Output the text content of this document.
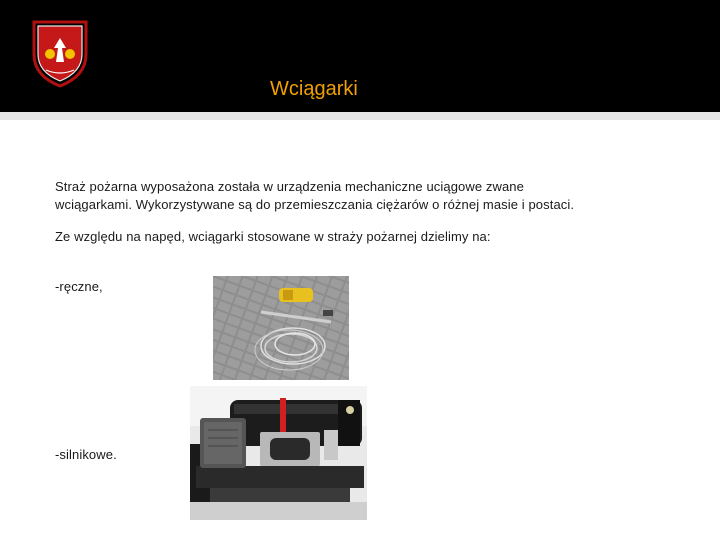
Wciągarki
Straż pożarna wyposażona została w urządzenia mechaniczne uciągowe zwane
wciągarkami. Wykorzystywane są do przemieszczania ciężarów o różnej masie i postaci.
Ze względu na napęd, wciągarki stosowane w straży pożarnej dzielimy na:
-ręczne,
-silnikowe.
